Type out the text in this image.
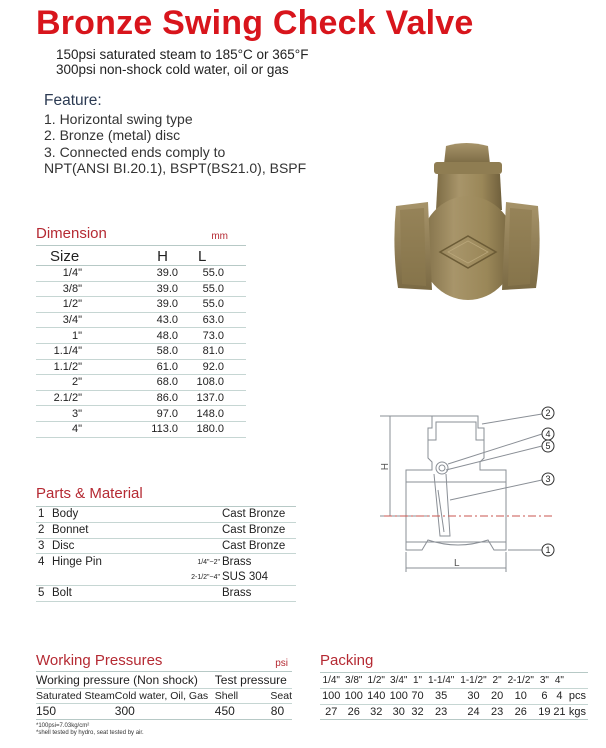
Bronze Swing Check Valve
150psi saturated steam to 185°C or 365°F
300psi non-shock cold water, oil or gas
Feature:
1. Horizontal swing type
2. Bronze (metal) disc
3. Connected ends comply to
NPT(ANSI BI.20.1), BSPT(BS21.0), BSPF
Dimension	mm
Size	H	L
1/4"	39.0	55.0
3/8"	39.0	55.0
1/2"	39.0	55.0
3/4"	43.0	63.0
1"	48.0	73.0
1.1/4"	58.0	81.0
1.1/2"	61.0	92.0
2"	68.0	108.0
2.1/2"	86.0	137.0
3"	97.0	148.0
4"	113.0	180.0
H
L
2
4
5
3
1
Parts & Material
1	Body		Cast Bronze
2	Bonnet		Cast Bronze
3	Disc		Cast Bronze
4	Hinge Pin	1/4"~2"	Brass
		2-1/2"~4"	SUS 304
5	Bolt		Brass
Working Pressures	psi
Working pressure (Non shock)		Test pressure	
Saturated Steam	Cold water, Oil, Gas	Shell	Seat
150	300	450	80
*100psi=7.03kg/cm²
*shell tested by hydro, seat tested by air.
Packing
1/4"	3/8"	1/2"	3/4"	1"	1-1/4"	1-1/2"	2"	2-1/2"	3"	4"	
100	100	140	100	70	35	30	20	10	6	4	pcs
27	26	32	30	32	23	24	23	26	19	21	kgs
